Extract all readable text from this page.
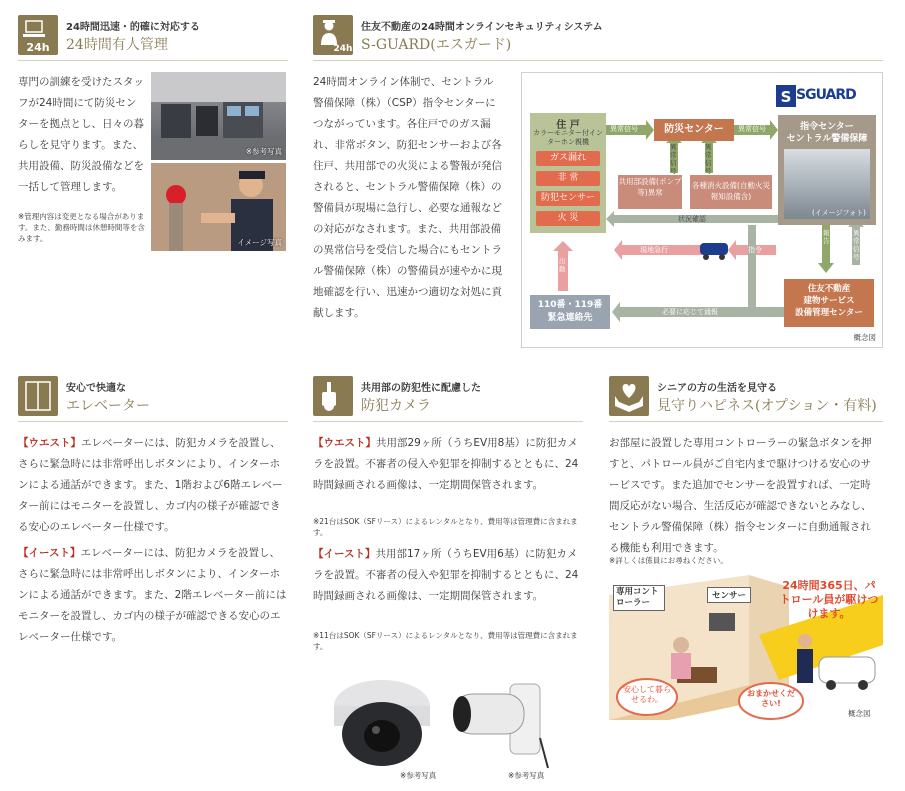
24h
24時間迅速・的確に対応する
24時間有人管理
専門の訓練を受けたスタッフが24時間にて防災センターを拠点とし、日々の暮らしを見守ります。また、共用設備、防災設備などを一括して管理します。
※管理内容は変更となる場合があります。また、勤務時間は休憩時間等を含みます。
※参考写真
イメージ写真
24h
住友不動産の24時間オンラインセキュリティシステム
S-GUARD(エスガード)
24時間オンライン体制で、セントラル警備保障（株）（CSP）指令センターにつながっています。各住戸でのガス漏れ、非常ボタン、防犯センサーおよび各住戸、共用部での火災による警報が発信されると、セントラル警備保障（株）の警備員が現場に急行し、必要な通報などの対応がなされます。また、共用部設備の異常信号を受信した場合にもセントラル警備保障（株）の警備員が速やかに現地確認を行い、迅速かつ適切な対処に貢献します。
S SGUARD
住 戸
カラーモニター付インターホン親機
ガス漏れ
非 常
防犯センサー
火 災
異常信号	異常信号
異常信号
異常信号
防災センター	指令センター
セントラル警備保障
(イメージフォト)
共用部設備(ポンプ等)異常
各種消火設備(自動火災報知設備含)
状況確認
現地急行	指令
出動
報告
異常信号
必要に応じて通報
住友不動産
建物サービス
設備管理センター
110番・119番
緊急連絡先
概念図
安心で快適な
エレベーター
【ウエスト】エレベーターには、防犯カメラを設置し、さらに緊急時には非常呼出しボタンにより、インターホンによる通話ができます。また、1階および6階エレベーター前にはモニターを設置し、カゴ内の様子が確認できる安心のエレベーター仕様です。
【イースト】エレベーターには、防犯カメラを設置し、さらに緊急時には非常呼出しボタンにより、インターホンによる通話ができます。また、2階エレベーター前にはモニターを設置し、カゴ内の様子が確認できる安心のエレベーター仕様です。
共用部の防犯性に配慮した
防犯カメラ
【ウエスト】共用部29ヶ所（うちEV用8基）に防犯カメラを設置。不審者の侵入や犯罪を抑制するとともに、24時間録画される画像は、一定期間保管されます。
※21台はSOK（SFリース）によるレンタルとなり、費用等は管理費に含まれます。
【イースト】共用部17ヶ所（うちEV用6基）に防犯カメラを設置。不審者の侵入や犯罪を抑制するとともに、24時間録画される画像は、一定期間保管されます。
※11台はSOK（SFリース）によるレンタルとなり、費用等は管理費に含まれます。
※参考写真	※参考写真
シニアの方の生活を見守る
見守りハピネス(オプション・有料)
お部屋に設置した専用コントローラーの緊急ボタンを押すと、パトロール員がご自宅内まで駆けつける安心のサービスです。また追加でセンサーを設置すれば、一定時間反応がない場合、生活反応が確認できないとみなし、セントラル警備保障（株）指令センターに自動通報される機能も利用できます。
※詳しくは係員にお尋ねください。
専用コントローラー
センサー
24時間365日、パトロール員が駆けつけます。
安心して暮らせるわ。
おまかせください!
概念図
